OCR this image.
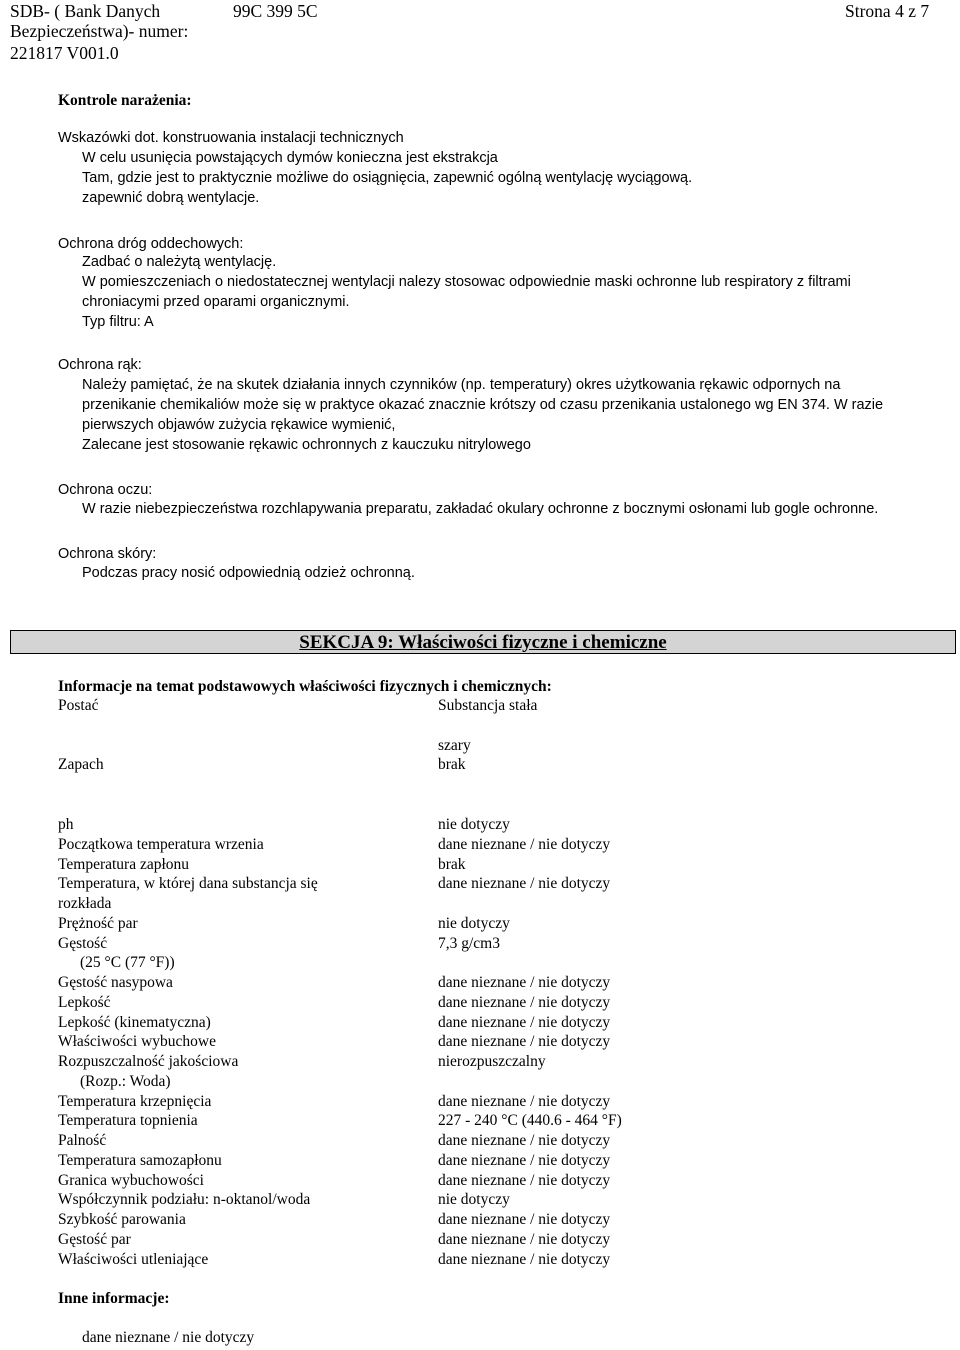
SDB- ( Bank Danych	99C 399 5C	Strona 4 z 7
Bezpieczeństwa)- numer:
221817 V001.0
Kontrole narażenia:
Wskazówki dot. konstruowania instalacji technicznych
W celu usunięcia powstających dymów konieczna jest ekstrakcja
Tam, gdzie jest to praktycznie możliwe do osiągnięcia, zapewnić ogólną wentylację wyciągową.
zapewnić dobrą wentylacje.
Ochrona dróg oddechowych:
Zadbać o należytą wentylację.
W pomieszczeniach o niedostatecznej wentylacji nalezy stosowac odpowiednie maski ochronne lub respiratory z filtrami
chroniacymi przed oparami organicznymi.
Typ filtru: A
Ochrona rąk:
Należy pamiętać, że na skutek działania innych czynników (np. temperatury) okres użytkowania rękawic odpornych na
przenikanie chemikaliów może się w praktyce okazać znacznie krótszy od czasu przenikania ustalonego wg EN 374. W razie
pierwszych objawów zużycia rękawice wymienić,
Zalecane jest stosowanie rękawic ochronnych z kauczuku nitrylowego
Ochrona oczu:
W razie niebezpieczeństwa rozchlapywania preparatu, zakładać okulary ochronne z bocznymi osłonami lub gogle ochronne.
Ochrona skóry:
Podczas pracy nosić odpowiednią odzież ochronną.
SEKCJA 9: Właściwości fizyczne i chemiczne
Informacje na temat podstawowych właściwości fizycznych i chemicznych:
Postać	Substancja stała
szary
Zapach	brak
ph	nie dotyczy
Początkowa temperatura wrzenia	dane nieznane / nie dotyczy
Temperatura zapłonu	brak
Temperatura, w której dana substancja się	dane nieznane / nie dotyczy
rozkłada
Prężność par	nie dotyczy
Gęstość	7,3 g/cm3
(25 °C (77 °F))
Gęstość nasypowa	dane nieznane / nie dotyczy
Lepkość	dane nieznane / nie dotyczy
Lepkość (kinematyczna)	dane nieznane / nie dotyczy
Właściwości wybuchowe	dane nieznane / nie dotyczy
Rozpuszczalność jakościowa	nierozpuszczalny
(Rozp.: Woda)
Temperatura krzepnięcia	dane nieznane / nie dotyczy
Temperatura topnienia	227 - 240 °C (440.6 - 464 °F)
Palność	dane nieznane / nie dotyczy
Temperatura samozapłonu	dane nieznane / nie dotyczy
Granica wybuchowości	dane nieznane / nie dotyczy
Współczynnik podziału: n-oktanol/woda	nie dotyczy
Szybkość parowania	dane nieznane / nie dotyczy
Gęstość par	dane nieznane / nie dotyczy
Właściwości utleniające	dane nieznane / nie dotyczy
Inne informacje:
dane nieznane / nie dotyczy
